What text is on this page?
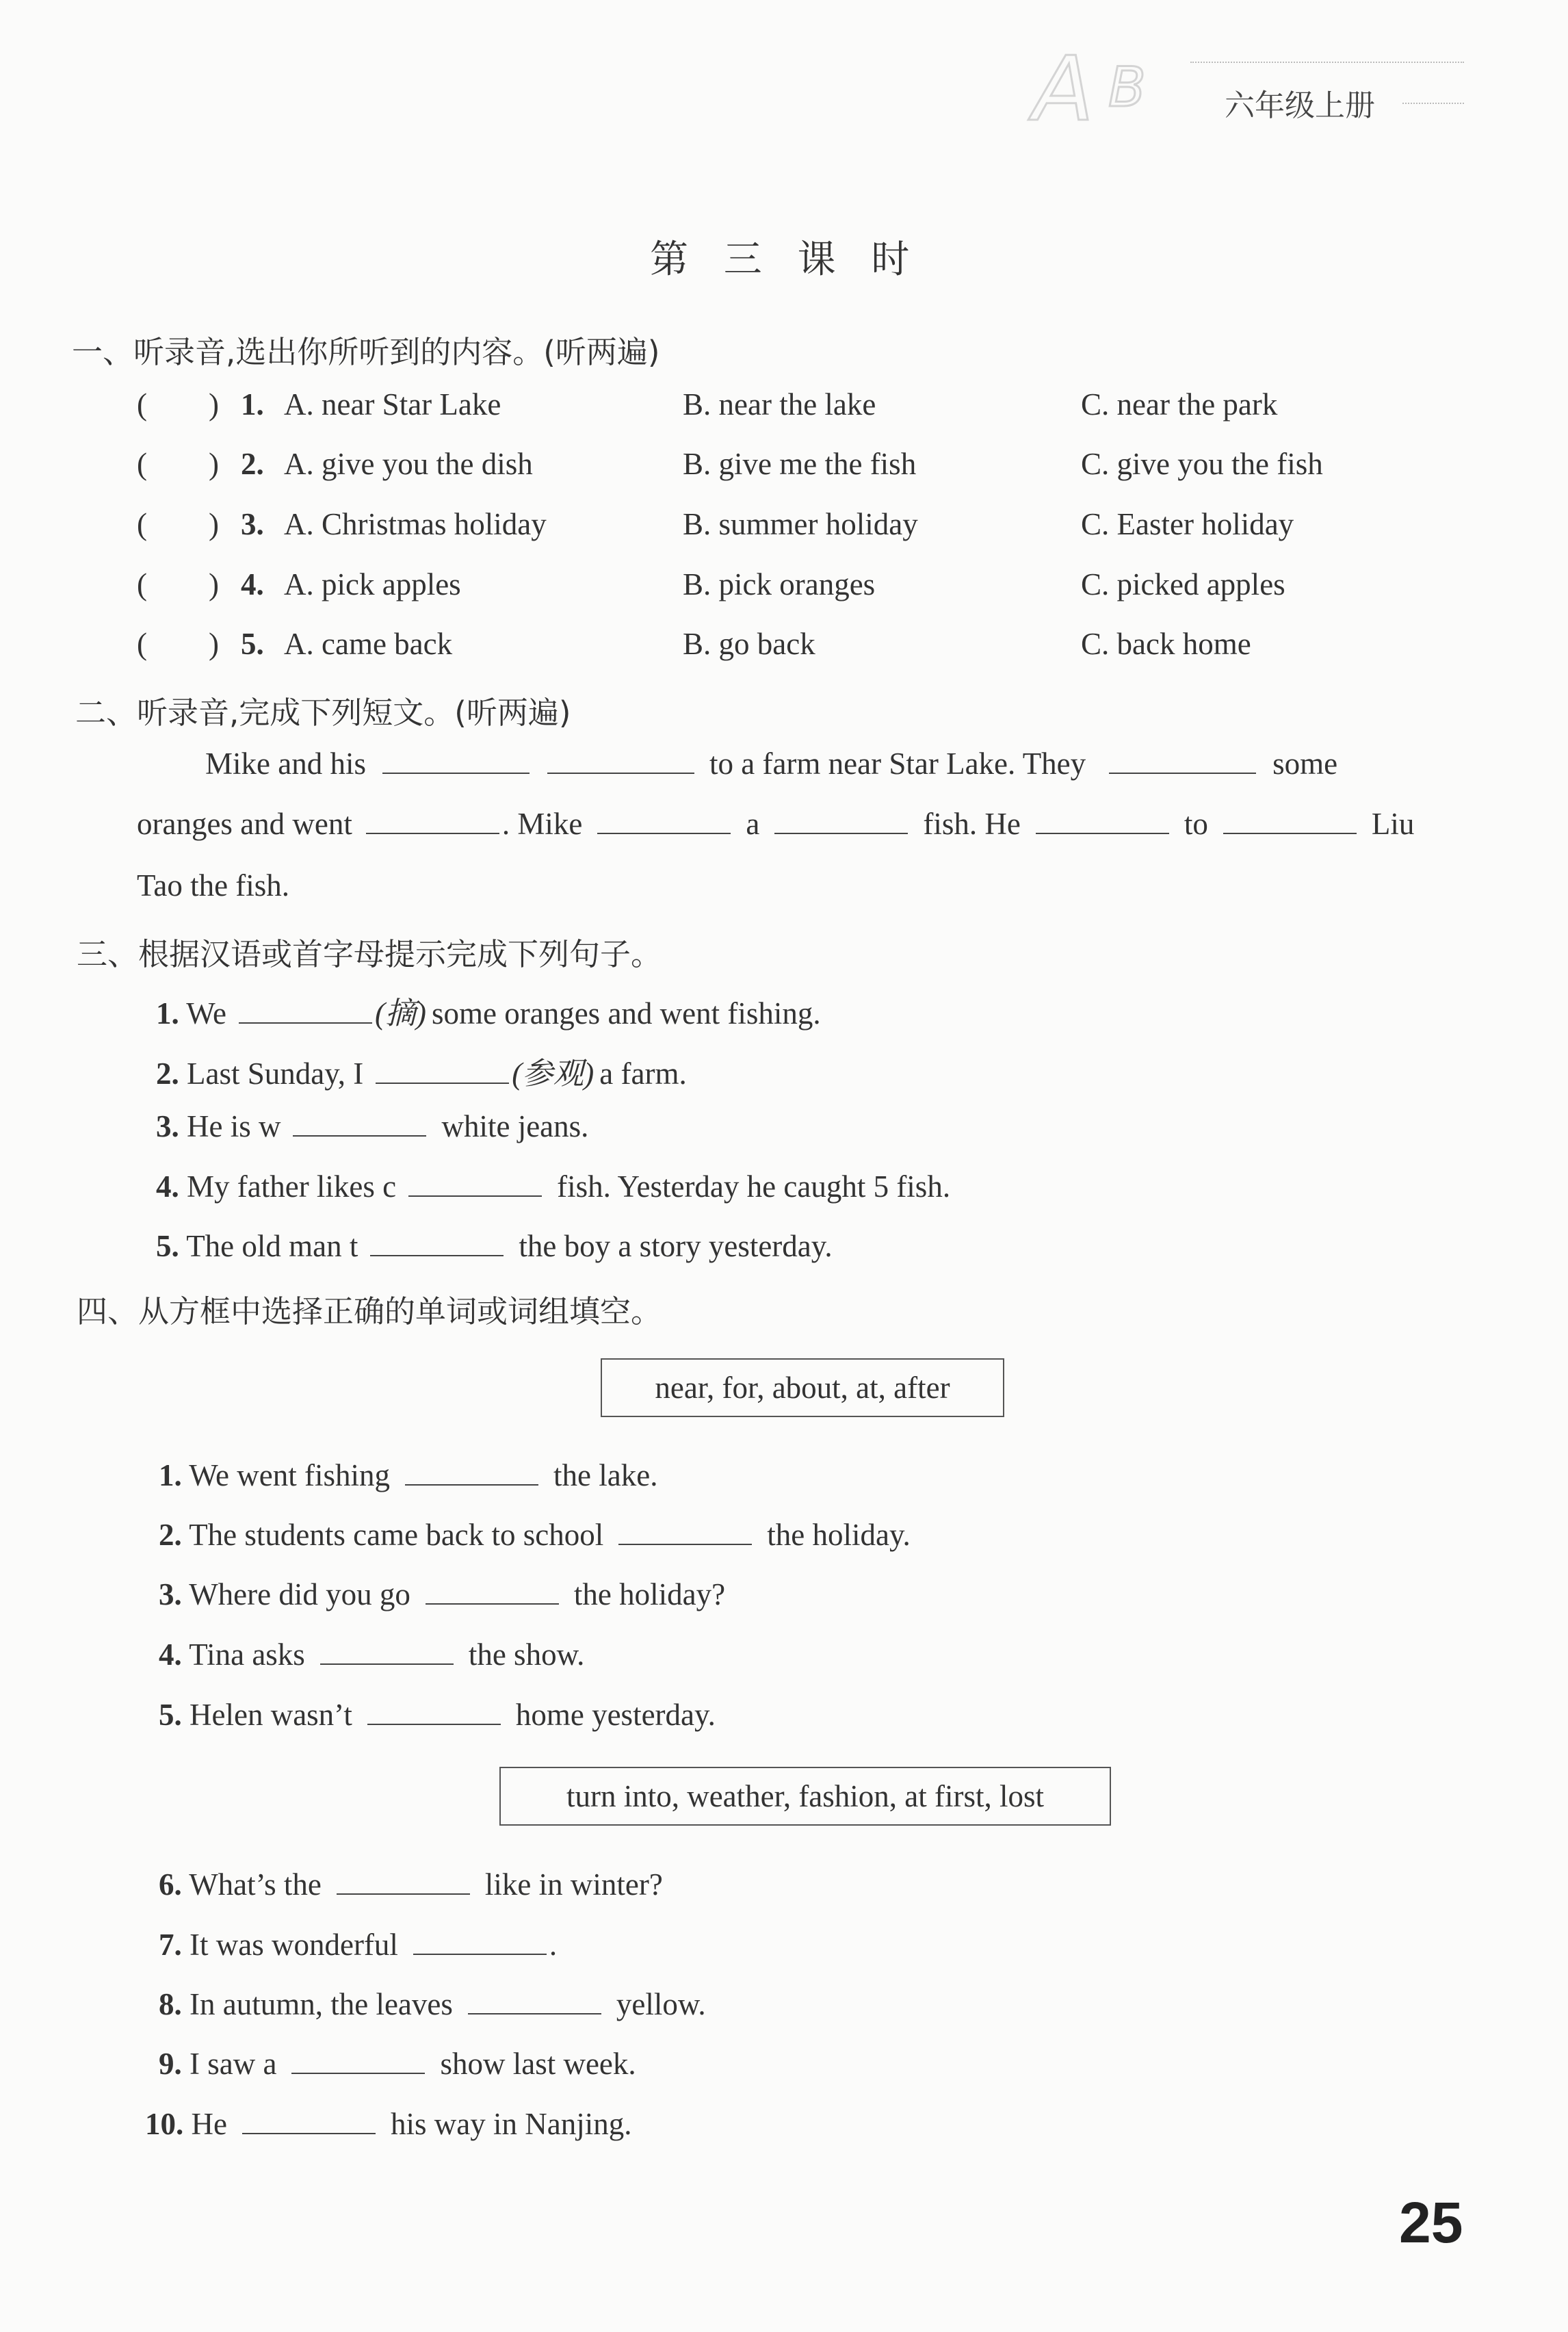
A B	六年级上册
第 三 课 时
一、听录音,选出你所听到的内容。(听两遍)
( ) 1. A. near Star Lake	B. near the lake	C. near the park
( ) 2. A. give you the dish	B. give me the fish	C. give you the fish
( ) 3. A. Christmas holiday	B. summer holiday	C. Easter holiday
( ) 4. A. pick apples	B. pick oranges	C. picked apples
( ) 5. A. came back	B. go back	C. back home
二、听录音,完成下列短文。(听两遍)
Mike and his	to a farm near Star Lake. They	some
oranges and went	. Mike	a	fish. He	to	Liu
Tao the fish.
三、根据汉语或首字母提示完成下列句子。
1. We	(摘) some oranges and went fishing.
2. Last Sunday, I	(参观) a farm.
3. He is w	white jeans.
4. My father likes c	fish. Yesterday he caught 5 fish.
5. The old man t	the boy a story yesterday.
四、从方框中选择正确的单词或词组填空。
near, for, about, at, after
1. We went fishing	the lake.
2. The students came back to school	the holiday.
3. Where did you go	the holiday?
4. Tina asks	the show.
5. Helen wasn’t	home yesterday.
turn into, weather, fashion, at first, lost
6. What’s the	like in winter?
7. It was wonderful	.
8. In autumn, the leaves	yellow.
9. I saw a	show last week.
10. He	his way in Nanjing.
25
